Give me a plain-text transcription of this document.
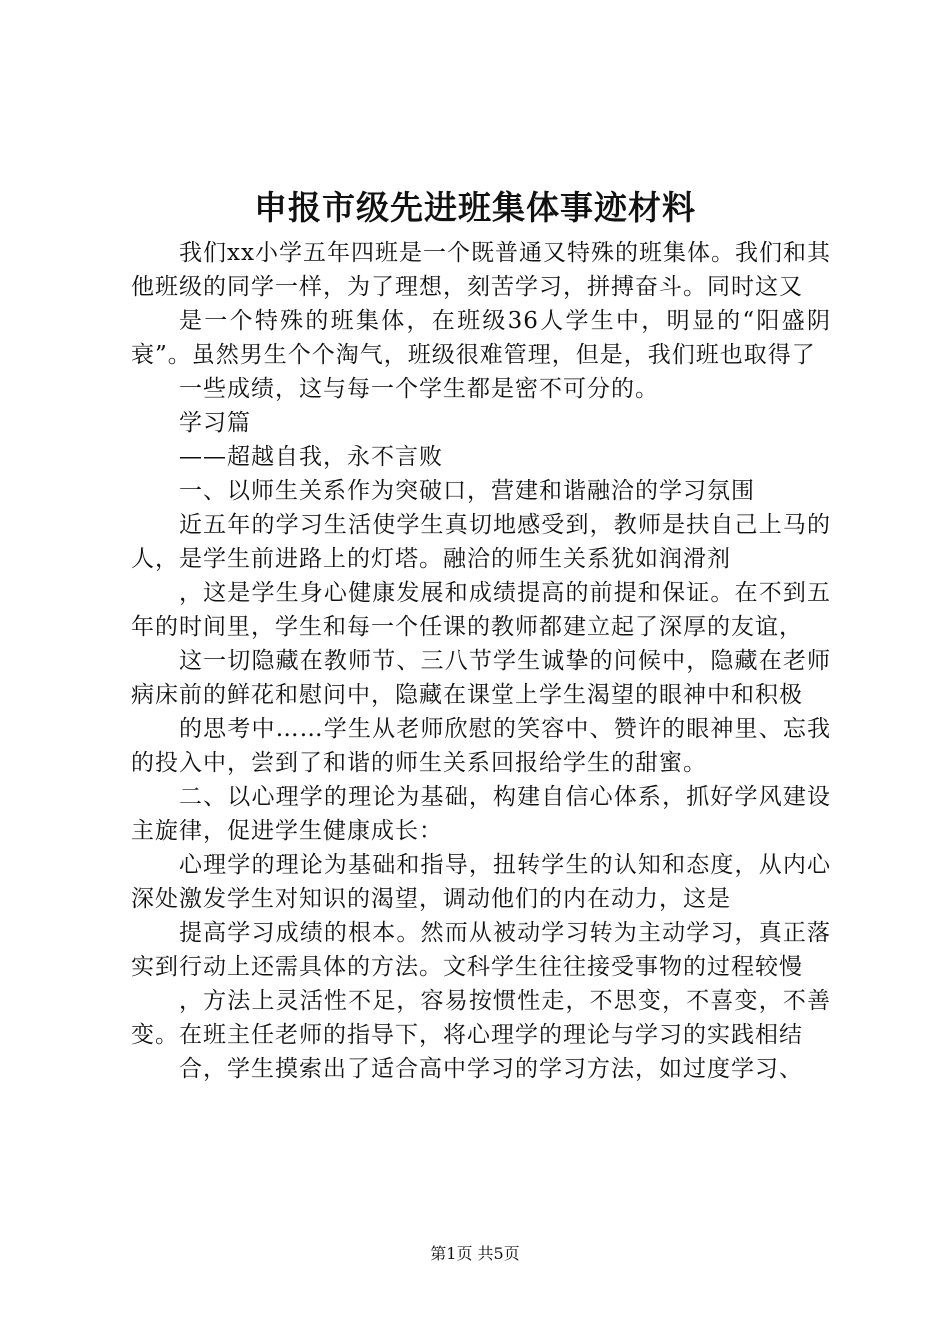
申报市级先进班集体事迹材料

我们xx小学五年四班是一个既普通又特殊的班集体。我们和其他班级的同学一样，为了理想，刻苦学习，拼搏奋斗。同时这又

是一个特殊的班集体，在班级36人学生中，明显的“阳盛阴衰”。虽然男生个个淘气，班级很难管理，但是，我们班也取得了

一些成绩，这与每一个学生都是密不可分的。

学习篇

——超越自我，永不言败

一、以师生关系作为突破口，营建和谐融洽的学习氛围

近五年的学习生活使学生真切地感受到，教师是扶自己上马的人，是学生前进路上的灯塔。融洽的师生关系犹如润滑剂

，这是学生身心健康发展和成绩提高的前提和保证。在不到五年的时间里，学生和每一个任课的教师都建立起了深厚的友谊，

这一切隐藏在教师节、三八节学生诚挚的问候中，隐藏在老师病床前的鲜花和慰问中，隐藏在课堂上学生渴望的眼神中和积极

的思考中……学生从老师欣慰的笑容中、赞许的眼神里、忘我的投入中，尝到了和谐的师生关系回报给学生的甜蜜。

二、以心理学的理论为基础，构建自信心体系，抓好学风建设主旋律，促进学生健康成长：

心理学的理论为基础和指导，扭转学生的认知和态度，从内心深处激发学生对知识的渴望，调动他们的内在动力，这是

提高学习成绩的根本。然而从被动学习转为主动学习，真正落实到行动上还需具体的方法。文科学生往往接受事物的过程较慢

，方法上灵活性不足，容易按惯性走，不思变，不喜变，不善变。在班主任老师的指导下，将心理学的理论与学习的实践相结

合，学生摸索出了适合高中学习的学习方法，如过度学习、

第1页 共5页
